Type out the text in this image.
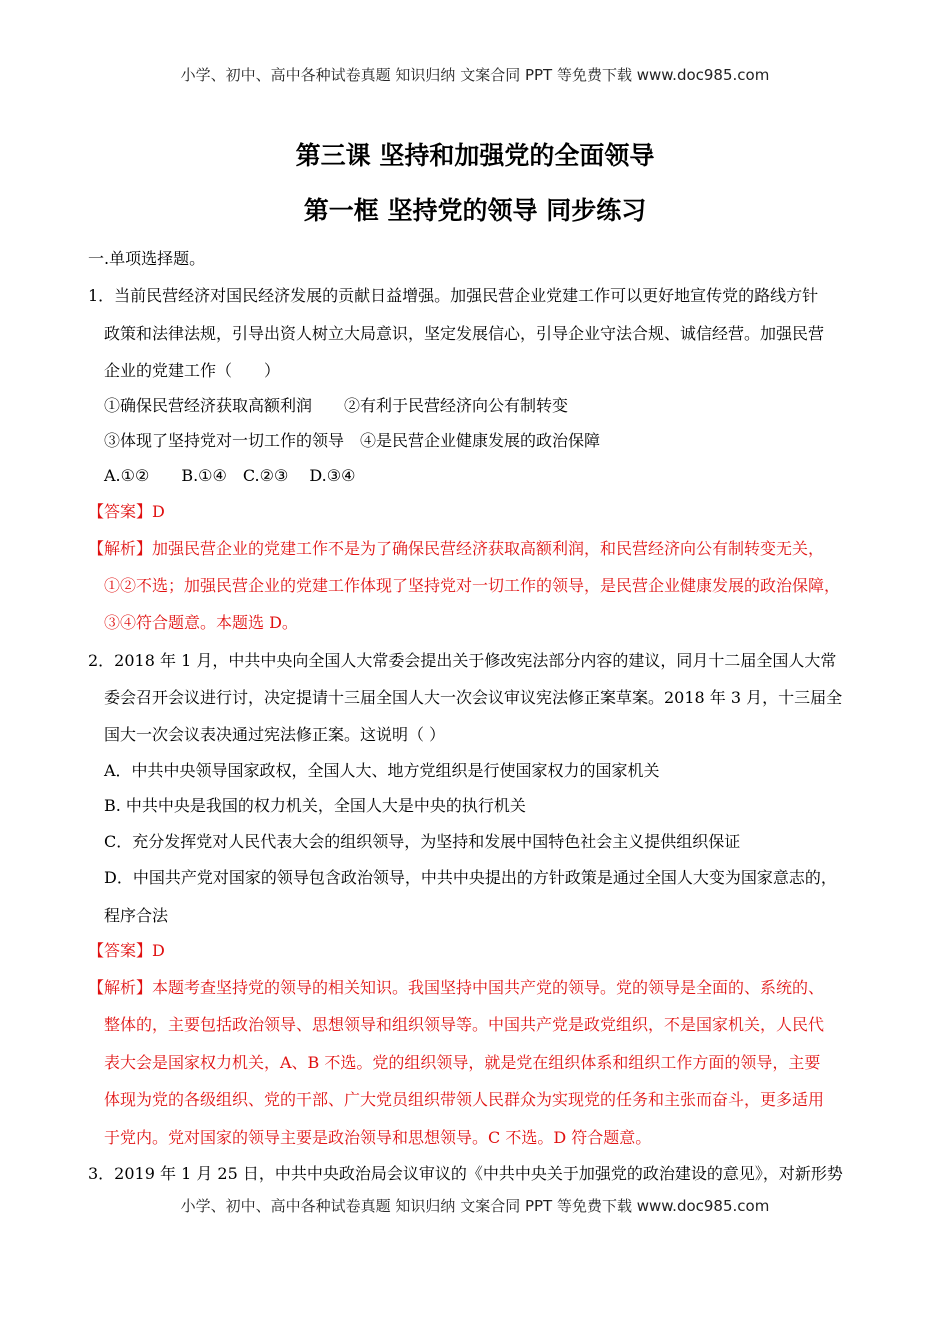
小学、初中、高中各种试卷真题 知识归纳 文案合同 PPT 等免费下载 www.doc985.com
第三课 坚持和加强党的全面领导
第一框 坚持党的领导 同步练习
一.单项选择题。
1．当前民营经济对国民经济发展的贡献日益增强。加强民营企业党建工作可以更好地宣传党的路线方针
政策和法律法规，引导出资人树立大局意识，坚定发展信心，引导企业守法合规、诚信经营。加强民营
企业的党建工作（　　）
①确保民营经济获取高额利润　　②有利于民营经济向公有制转变
③体现了坚持党对一切工作的领导　④是民营企业健康发展的政治保障
A.①②　　B.①④　C.②③　 D.③④
【答案】D
【解析】加强民营企业的党建工作不是为了确保民营经济获取高额利润，和民营经济向公有制转变无关，
①②不选；加强民营企业的党建工作体现了坚持党对一切工作的领导，是民营企业健康发展的政治保障，
③④符合题意。本题选 D。
2．2018 年 1 月，中共中央向全国人大常委会提出关于修改宪法部分内容的建议，同月十二届全国人大常
委会召开会议进行讨，决定提请十三届全国人大一次会议审议宪法修正案草案。2018 年 3 月，十三届全
国大一次会议表决通过宪法修正案。这说明（ ）
A．中共中央领导国家政权，全国人大、地方党组织是行使国家权力的国家机关
B. 中共中央是我国的权力机关，全国人大是中央的执行机关
C．充分发挥党对人民代表大会的组织领导，为坚持和发展中国特色社会主义提供组织保证
D．中国共产党对国家的领导包含政治领导，中共中央提出的方针政策是通过全国人大变为国家意志的，
程序合法
【答案】D
【解析】本题考查坚持党的领导的相关知识。我国坚持中国共产党的领导。党的领导是全面的、系统的、
整体的，主要包括政治领导、思想领导和组织领导等。中国共产党是政党组织，不是国家机关，人民代
表大会是国家权力机关，A、B 不选。党的组织领导，就是党在组织体系和组织工作方面的领导，主要
体现为党的各级组织、党的干部、广大党员组织带领人民群众为实现党的任务和主张而奋斗，更多适用
于党内。党对国家的领导主要是政治领导和思想领导。C 不选。D 符合题意。
3．2019 年 1 月 25 日，中共中央政治局会议审议的《中共中央关于加强党的政治建设的意见》，对新形势
小学、初中、高中各种试卷真题 知识归纳 文案合同 PPT 等免费下载 www.doc985.com
